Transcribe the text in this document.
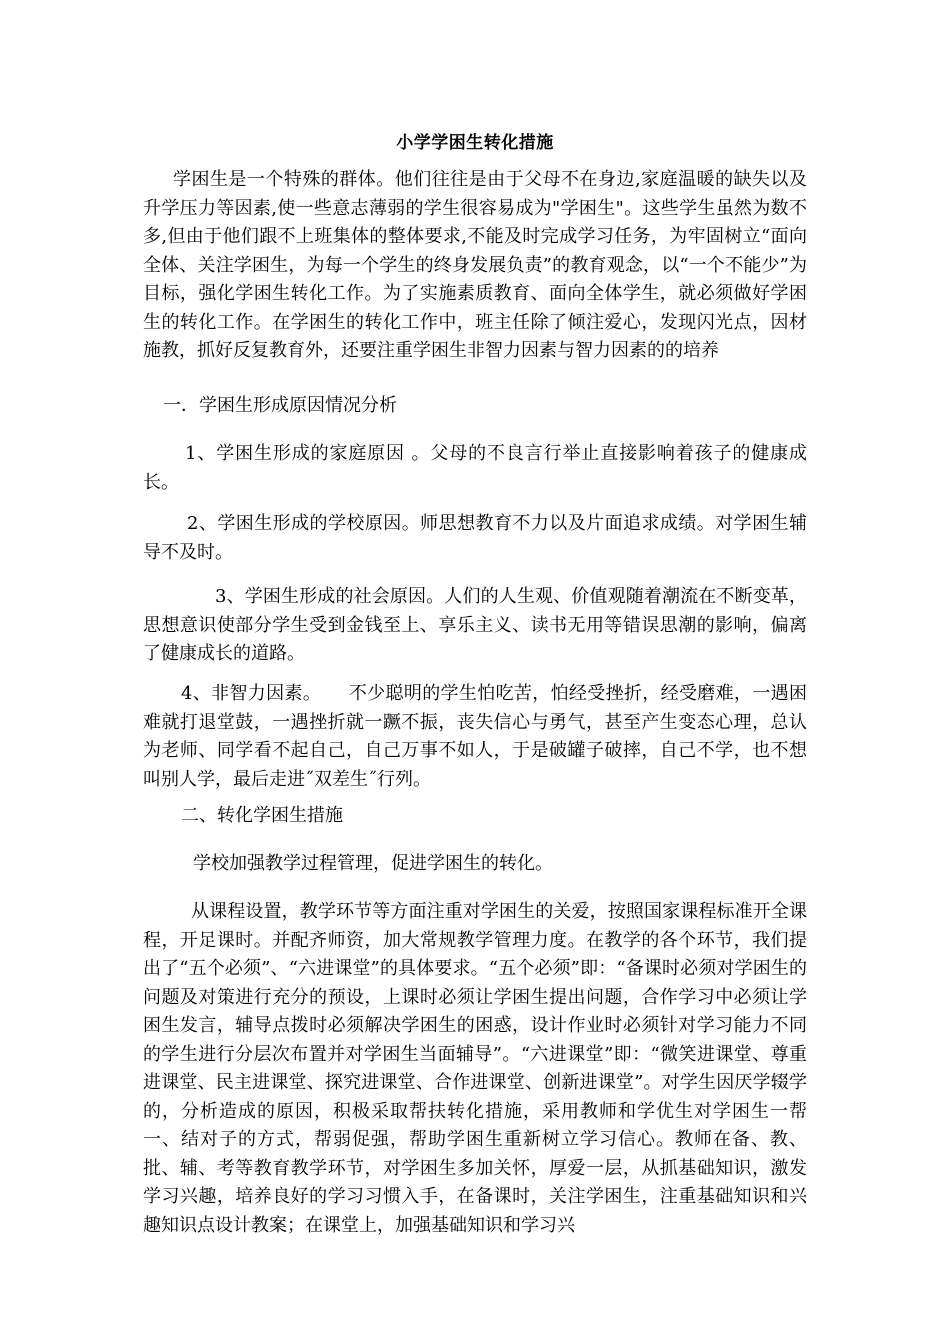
小学学困生转化措施

学困生是一个特殊的群体。他们往往是由于父母不在身边,家庭温暖的缺失以及升学压力等因素,使一些意志薄弱的学生很容易成为"学困生"。这些学生虽然为数不多,但由于他们跟不上班集体的整体要求,不能及时完成学习任务，为牢固树立“面向全体、关注学困生，为每一个学生的终身发展负责”的教育观念，以“一个不能少”为目标，强化学困生转化工作。为了实施素质教育、面向全体学生，就必须做好学困生的转化工作。在学困生的转化工作中，班主任除了倾注爱心，发现闪光点，因材施教，抓好反复教育外，还要注重学困生非智力因素与智力因素的的培养

一．学困生形成原因情况分析

1、学困生形成的家庭原因 。父母的不良言行举止直接影响着孩子的健康成长。

2、学困生形成的学校原因。师思想教育不力以及片面追求成绩。对学困生辅导不及时。

3、学困生形成的社会原因。人们的人生观、价值观随着潮流在不断变革，思想意识使部分学生受到金钱至上、享乐主义、读书无用等错误思潮的影响，偏离了健康成长的道路。

4、非智力因素。　　不少聪明的学生怕吃苦，怕经受挫折，经受磨难，一遇困难就打退堂鼓，一遇挫折就一蹶不振，丧失信心与勇气，甚至产生变态心理，总认为老师、同学看不起自己，自己万事不如人，于是破罐子破摔，自己不学，也不想叫别人学，最后走进˝双差生˝行列。

二、转化学困生措施

学校加强教学过程管理，促进学困生的转化。

从课程设置，教学环节等方面注重对学困生的关爱，按照国家课程标准开全课程，开足课时。并配齐师资，加大常规教学管理力度。在教学的各个环节，我们提出了“五个必须”、“六进课堂”的具体要求。“五个必须”即：“备课时必须对学困生的问题及对策进行充分的预设，上课时必须让学困生提出问题，合作学习中必须让学困生发言，辅导点拨时必须解决学困生的困惑，设计作业时必须针对学习能力不同的学生进行分层次布置并对学困生当面辅导”。“六进课堂”即：“微笑进课堂、尊重进课堂、民主进课堂、探究进课堂、合作进课堂、创新进课堂”。对学生因厌学辍学的，分析造成的原因，积极采取帮扶转化措施，采用教师和学优生对学困生一帮一、结对子的方式，帮弱促强，帮助学困生重新树立学习信心。教师在备、教、批、辅、考等教育教学环节，对学困生多加关怀，厚爱一层，从抓基础知识，激发学习兴趣，培养良好的学习习惯入手，在备课时，关注学困生，注重基础知识和兴趣知识点设计教案；在课堂上，加强基础知识和学习兴
